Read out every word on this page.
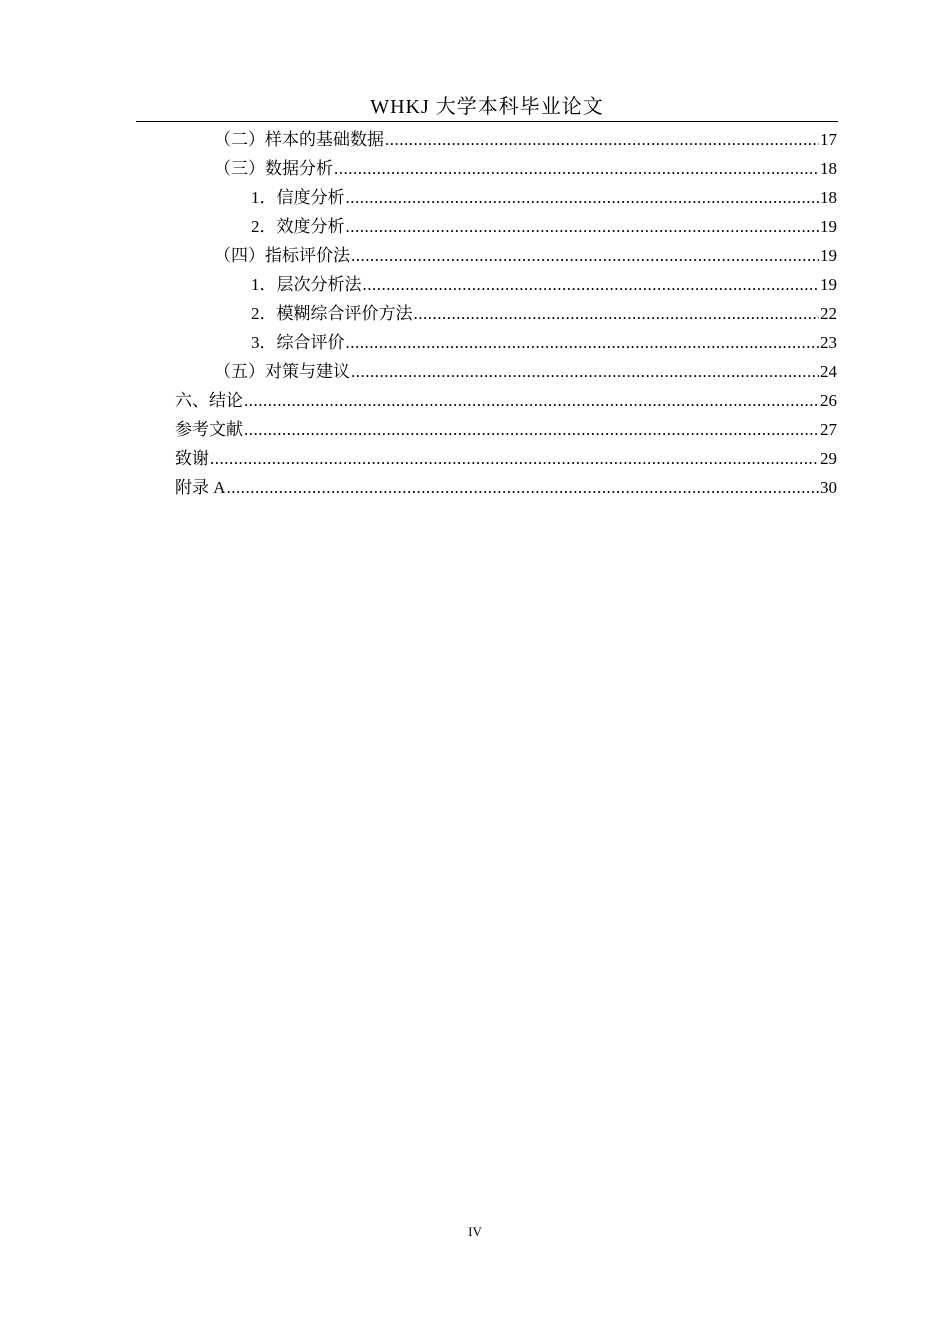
WHKJ 大学本科毕业论文
（二）样本的基础数据 .....	17
（三）数据分析 .....	18
1．信度分析 .....	18
2．效度分析 .....	19
（四）指标评价法 .....	19
1．层次分析法 .....	19
2．模糊综合评价方法 .....	22
3．综合评价 .....	23
（五）对策与建议 .....	24
六、结论 .....	26
参考文献 .....	27
致谢 .....	29
附录 A .....	30
IV
